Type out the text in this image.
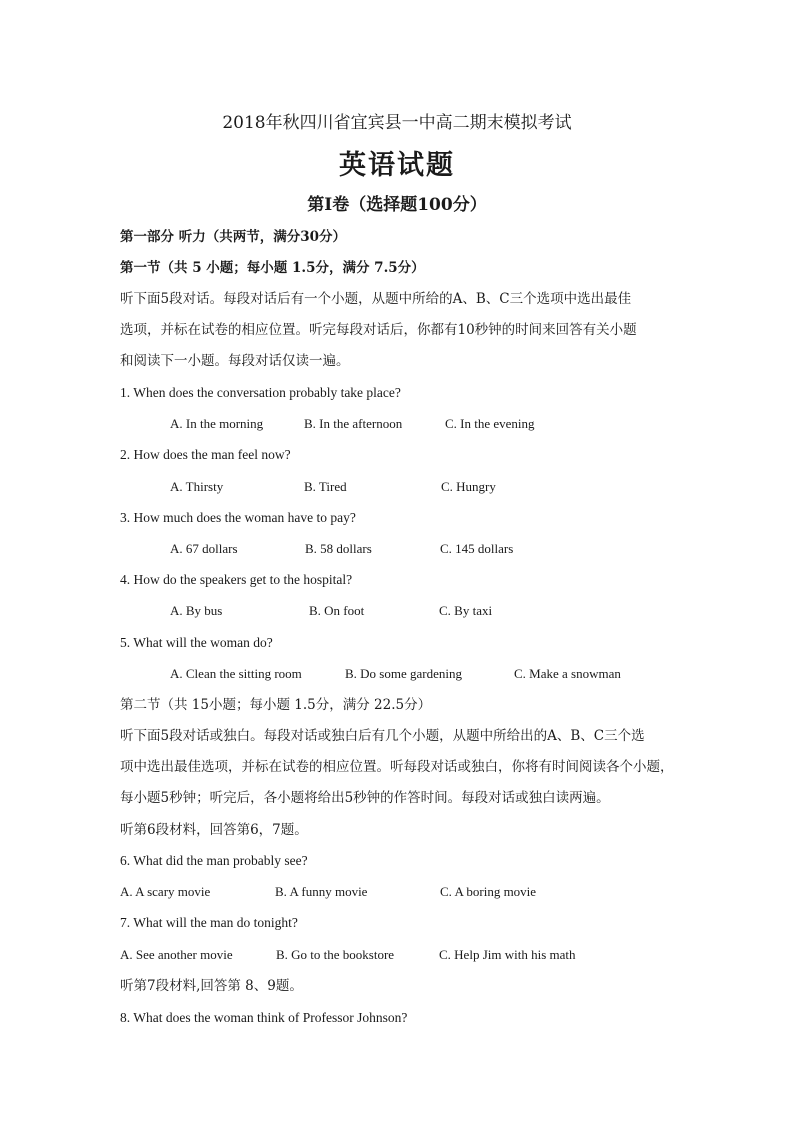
2018年秋四川省宜宾县一中高二期末模拟考试
英语试题
第Ⅰ卷（选择题100分）
第一部分 听力（共两节，满分30分）
第一节（共 5 小题；每小题 1.5分，满分 7.5分）
听下面5段对话。每段对话后有一个小题，从题中所给的A、B、C三个选项中选出最佳
选项，并标在试卷的相应位置。听完每段对话后，你都有10秒钟的时间来回答有关小题
和阅读下一小题。每段对话仅读一遍。
1. When does the conversation probably take place?
A. In the morning	B. In the afternoon	C. In the evening
2. How does the man feel now?
A. Thirsty	B. Tired	C. Hungry
3. How much does the woman have to pay?
A. 67 dollars	B. 58 dollars	C. 145 dollars
4. How do the speakers get to the hospital?
A. By bus	B. On foot	C. By taxi
5. What will the woman do?
A. Clean the sitting room	B. Do some gardening	C. Make a snowman
第二节（共 15小题；每小题 1.5分，满分 22.5分）
听下面5段对话或独白。每段对话或独白后有几个小题，从题中所给出的A、B、C三个选
项中选出最佳选项，并标在试卷的相应位置。听每段对话或独白，你将有时间阅读各个小题，
每小题5秒钟；听完后，各小题将给出5秒钟的作答时间。每段对话或独白读两遍。
听第6段材料，回答第6，7题。
6. What did the man probably see?
A. A scary movie	B. A funny movie	C. A boring movie
7. What will the man do tonight?
A. See another movie	B. Go to the bookstore	C. Help Jim with his math
听第7段材料,回答第 8、9题。
8. What does the woman think of Professor Johnson?
